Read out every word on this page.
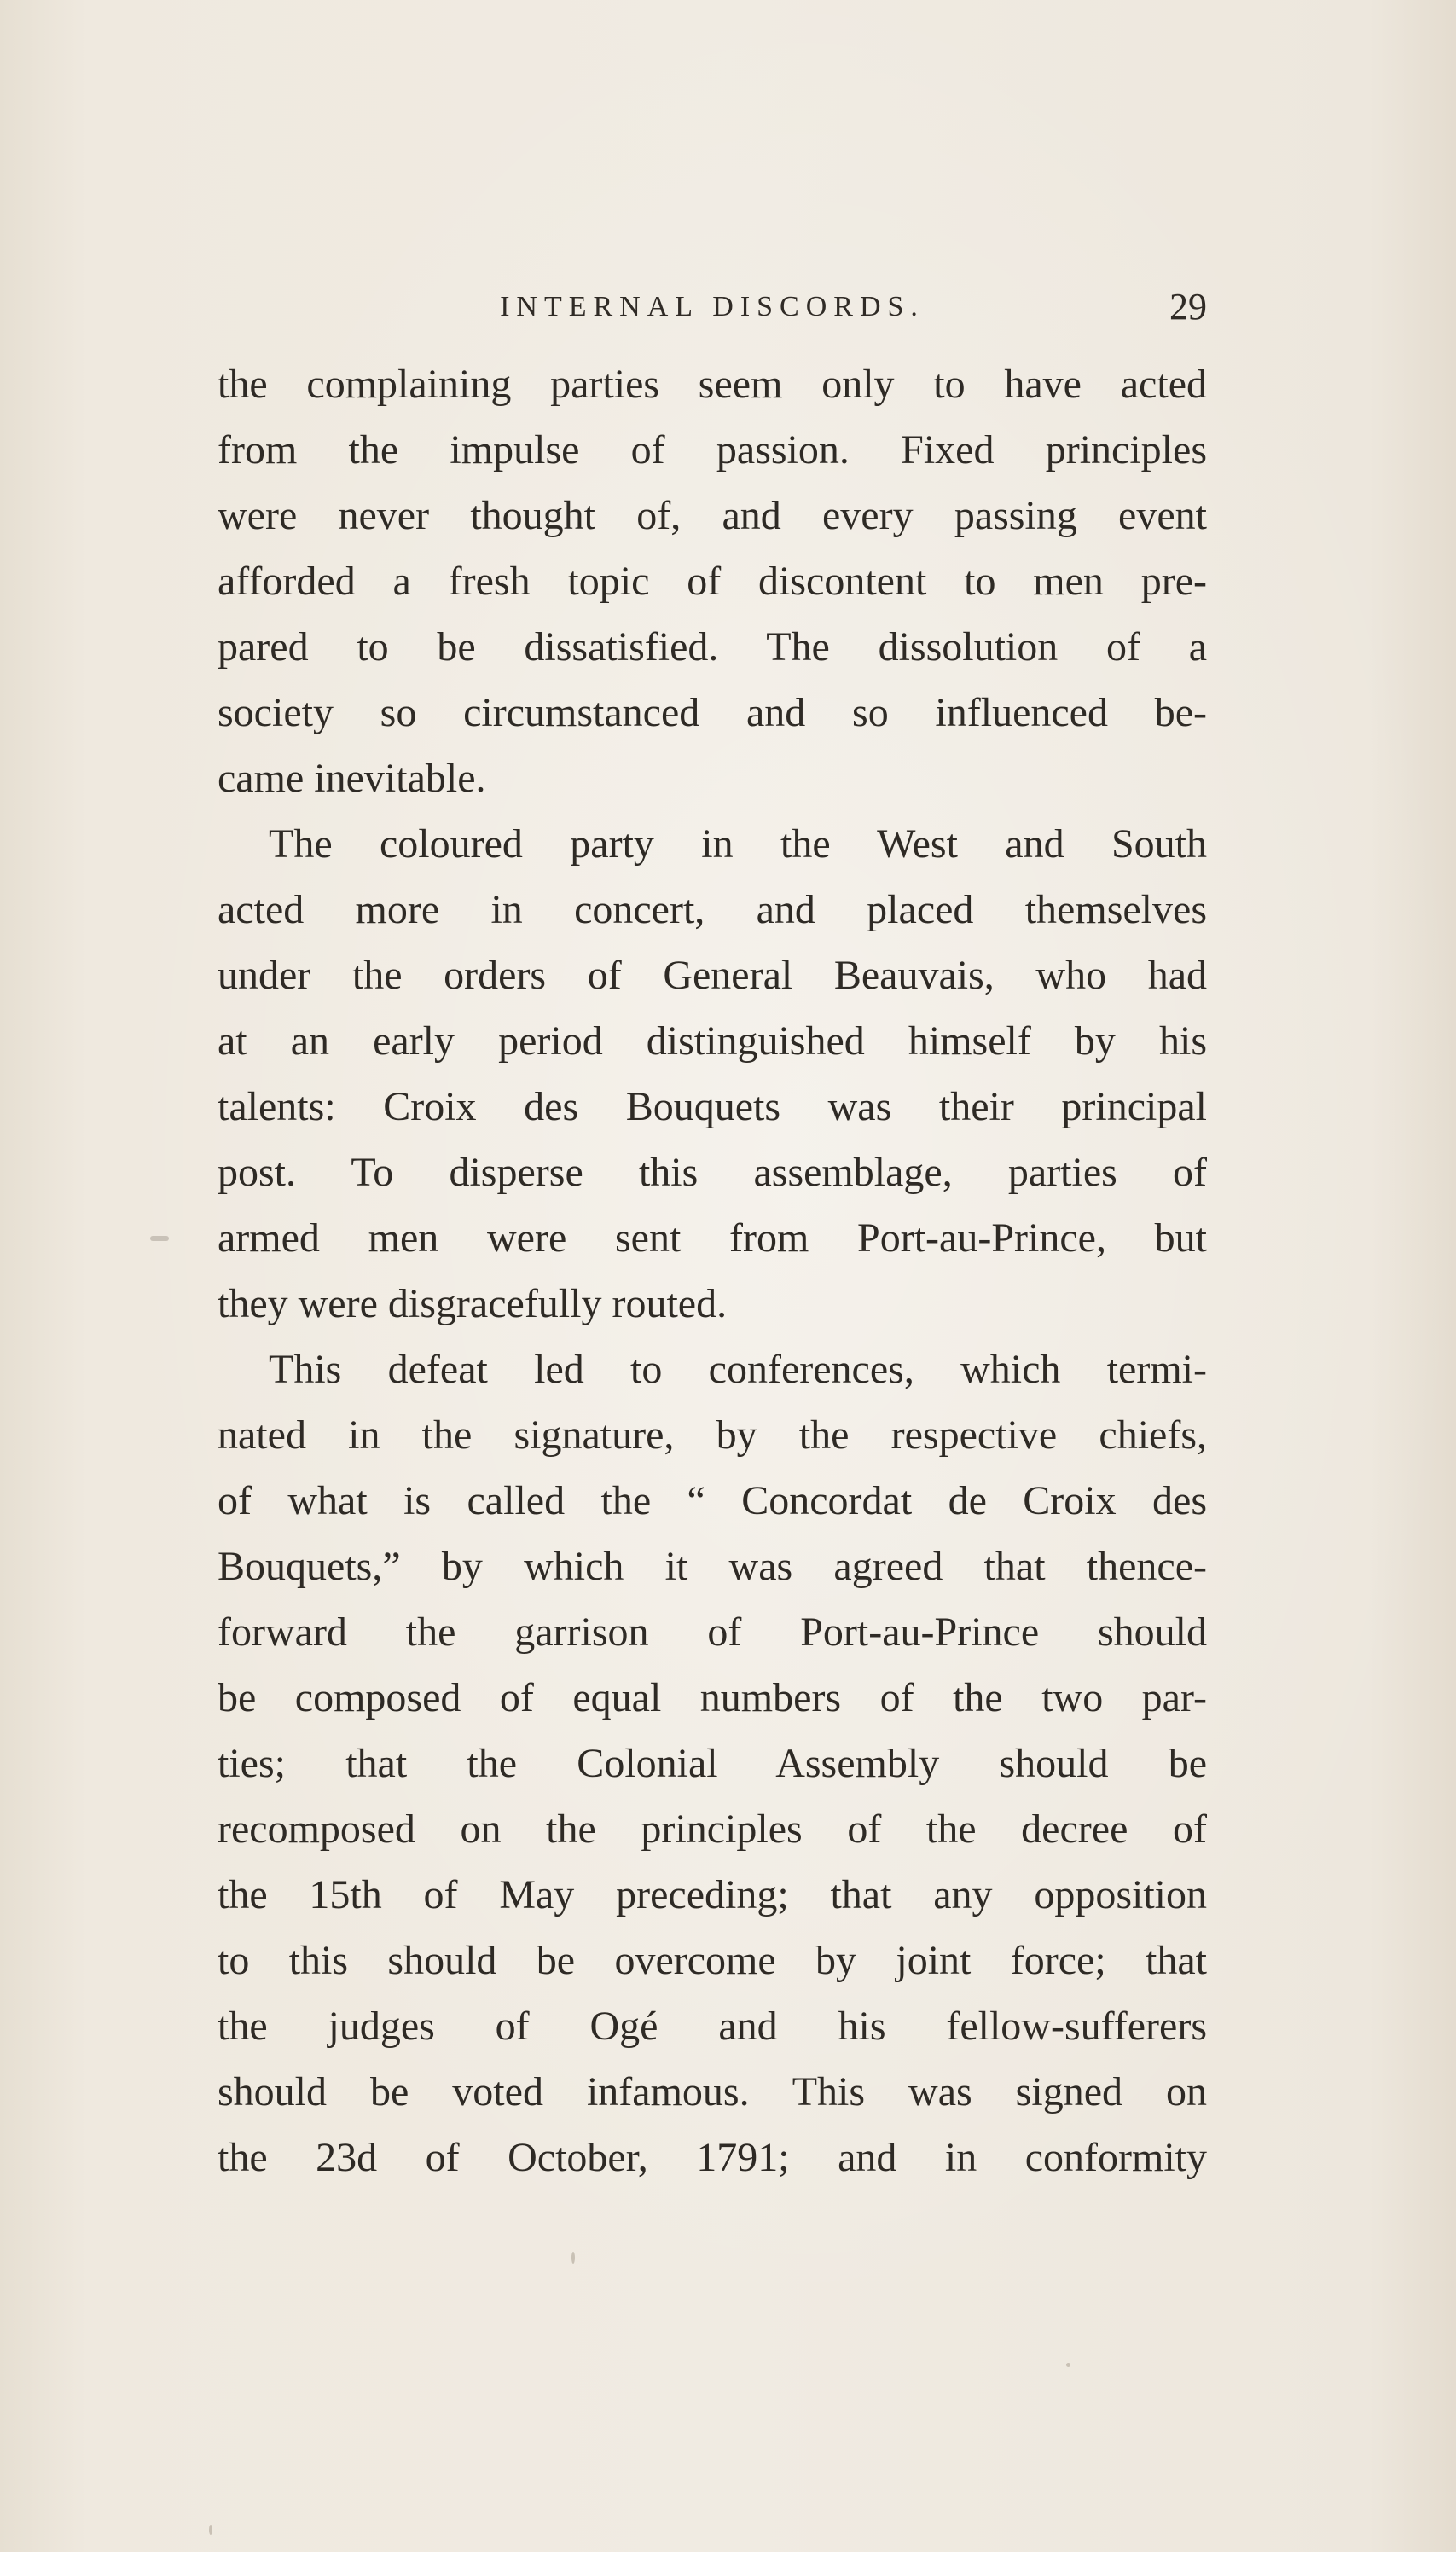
INTERNAL DISCORDS.	29
the complaining parties seem only to have acted
from the impulse of passion. Fixed principles
were never thought of, and every passing event
afforded a fresh topic of discontent to men pre-
pared to be dissatisfied. The dissolution of a
society so circumstanced and so influenced be-
came inevitable.
The coloured party in the West and South
acted more in concert, and placed themselves
under the orders of General Beauvais, who had
at an early period distinguished himself by his
talents: Croix des Bouquets was their principal
post. To disperse this assemblage, parties of
armed men were sent from Port-au-Prince, but
they were disgracefully routed.
This defeat led to conferences, which termi-
nated in the signature, by the respective chiefs,
of what is called the “ Concordat de Croix des
Bouquets,” by which it was agreed that thence-
forward the garrison of Port-au-Prince should
be composed of equal numbers of the two par-
ties; that the Colonial Assembly should be
recomposed on the principles of the decree of
the 15th of May preceding; that any opposition
to this should be overcome by joint force; that
the judges of Ogé and his fellow-sufferers
should be voted infamous. This was signed on
the 23d of October, 1791; and in conformity
